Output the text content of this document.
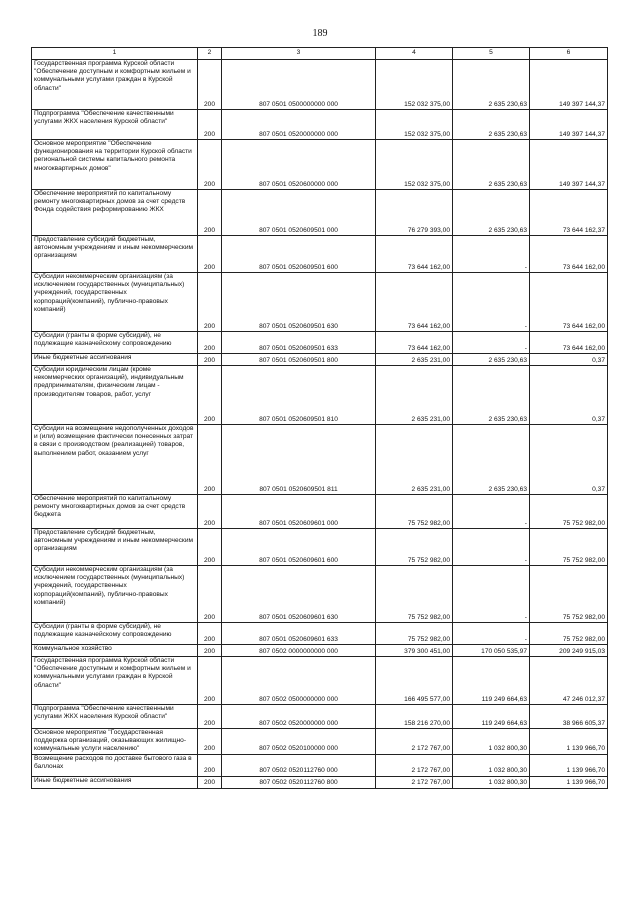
189
1	2	3	4	5	6
Государственная программа Курской области "Обеспечение доступным и комфортным жильем и коммунальными услугами граждан в Курской области"	200	807 0501 0500000000 000	152 032 375,00	2 635 230,63	149 397 144,37
Подпрограмма "Обеспечение качественными услугами ЖКХ населения Курской области"	200	807 0501 0520000000 000	152 032 375,00	2 635 230,63	149 397 144,37
Основное мероприятие "Обеспечение функционирования на территории Курской области региональной системы капитального ремонта многоквартирных домов"	200	807 0501 0520600000 000	152 032 375,00	2 635 230,63	149 397 144,37
Обеспечение мероприятий по капитальному ремонту многоквартирных домов за счет средств Фонда содействия реформированию ЖКХ	200	807 0501 0520609501 000	76 279 393,00	2 635 230,63	73 644 162,37
Предоставление субсидий бюджетным, автономным учреждениям и иным некоммерческим организациям	200	807 0501 0520609501 600	73 644 162,00	-	73 644 162,00
Субсидии некоммерческим организациям (за исключением государственных (муниципальных) учреждений, государственных корпораций(компаний), публично-правовых компаний)	200	807 0501 0520609501 630	73 644 162,00	-	73 644 162,00
Субсидии (гранты в форме субсидий), не подлежащие казначейскому сопровождению	200	807 0501 0520609501 633	73 644 162,00	-	73 644 162,00
Иные бюджетные ассигнования	200	807 0501 0520609501 800	2 635 231,00	2 635 230,63	0,37
Субсидии юридическим лицам (кроме некоммерческих организаций), индивидуальным предпринимателям, физическим лицам - производителям товаров, работ, услуг	200	807 0501 0520609501 810	2 635 231,00	2 635 230,63	0,37
Субсидии на возмещение недополученных доходов и (или) возмещение фактически понесенных затрат в связи с производством (реализацией) товаров, выполнением работ, оказанием услуг	200	807 0501 0520609501 811	2 635 231,00	2 635 230,63	0,37
Обеспечение мероприятий по капитальному ремонту многоквартирных домов за счет средств бюджета	200	807 0501 0520609601 000	75 752 982,00	-	75 752 982,00
Предоставление субсидий бюджетным, автономным учреждениям и иным некоммерческим организациям	200	807 0501 0520609601 600	75 752 982,00	-	75 752 982,00
Субсидии некоммерческим организациям (за исключением государственных (муниципальных) учреждений, государственных корпораций(компаний), публично-правовых компаний)	200	807 0501 0520609601 630	75 752 982,00	-	75 752 982,00
Субсидии (гранты в форме субсидий), не подлежащие казначейскому сопровождению	200	807 0501 0520609601 633	75 752 982,00	-	75 752 982,00
Коммунальное хозяйство	200	807 0502 0000000000 000	379 300 451,00	170 050 535,97	209 249 915,03
Государственная программа Курской области "Обеспечение доступным и комфортным жильем и коммунальными услугами граждан в Курской области"	200	807 0502 0500000000 000	166 495 577,00	119 249 664,63	47 246 012,37
Подпрограмма "Обеспечение качественными услугами ЖКХ населения Курской области"	200	807 0502 0520000000 000	158 216 270,00	119 249 664,63	38 966 605,37
Основное мероприятие "Государственная поддержка организаций, оказывающих жилищно-коммунальные услуги населению"	200	807 0502 0520100000 000	2 172 767,00	1 032 800,30	1 139 966,70
Возмещение расходов по доставке бытового газа в баллонах	200	807 0502 0520112760 000	2 172 767,00	1 032 800,30	1 139 966,70
Иные бюджетные ассигнования	200	807 0502 0520112760 800	2 172 767,00	1 032 800,30	1 139 966,70
